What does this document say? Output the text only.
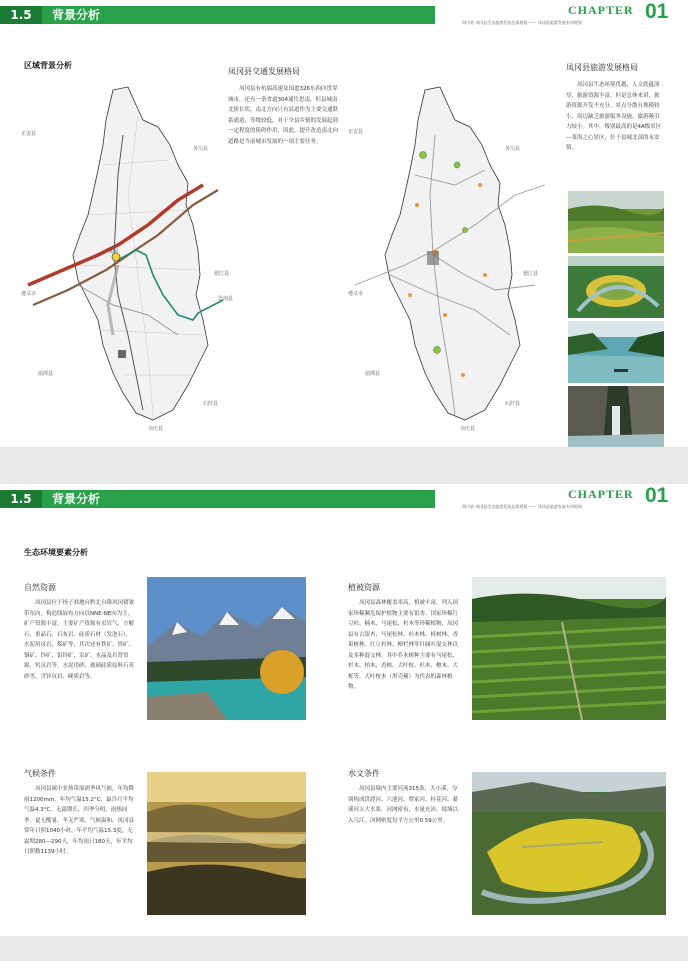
1.5	背景分析	CHAPTER 01
四川省 凤冈县生态旅游发展总体规划 —— 凤冈县旅游发展专项规划
区域背景分析
正安县
务川县
遵义市
德江县
思南县
湄潭县
石阡县
凤冈
余庆县
凤冈县交通发展格局

凤冈县有杭瑞高速及国道326东西向贯穿城市，还有一条省道304通往思南，但县城南北狭长状，南北方向只有县道作为主要交通联系通道，等级较低，对于全县乡镇的发展起到一定程度的阻碍作用，因此，提升改造南北向道路是当前城市发展的一项主要任务。

正安县
务川县
遵义市
德江县
湄潭县
石阡县
余庆县
凤冈县旅游发展格局

凤冈县生态环境优越，人文底蕴深厚，旅游资源丰富，但是总体来讲，旅游资源开发不充分，景点分散且规模较小，周边缺乏旅游服务设施，旅游吸引力较小。其中，级别最高的是4A级景区—茶海之心景区，位于县城北部的永安镇。

1.5	背景分析	CHAPTER 01
四川省 凤冈县生态旅游发展总体规划 —— 凤冈县旅游发展专项规划
生态环境要素分析
自然资源

凤冈县位于扬子准地台黔北台隆凤冈褶皱带东向，构造线展布方向以NNE-NE向为主。矿产资源丰富，主要矿产资源有页岩气、方解石、重晶石、石灰岩、硅质石材（发泡石），水泥用页岩、煤矿等，其次还有铁矿、铁矿、铜矿、锌矿、铝锌矿、汞矿。水晶及岩背资源，钙页岩等，水泥用砂、玻璃硅质原料石英砂等，含锌页岩、硬质岩等。

植被资源

凤冈县森林覆盖率高，植被丰富，列入国家珍稀濒危保护植物主要有银杏、国家珍稀红豆杉、楠木、马尾松、杉木等珍稀植物，凤冈县有古银杏、马尾松林、杉木林、栎树林、香果树林、红豆杉林、檀栏林等针阔叶混交林以及多种混交林。其中乔木树种主要有马尾松、杉木、柏木、香樟、大叶桉、杉木、檫木、大栎等，大叶桉木（黑壳楠）为代表的森林植物。

气候条件

凤冈县属中亚热带湿润季风气候，年均降雨1200mm，年均气温15.2°C，最冷月平均气温4.3°C，无霜期长，四季分明，雨热同季。夏无酷暑，冬无严寒，气候温和，凤冈县常年日照1040小时，年平均气温15.3度，无霜期280—290天，年均雨日180天，年平均日照数1139小时。

水文条件

凤冈县境内主要河流315条，大小溪，分别构成洪渡河、六池河、覃家河、桂花河、綦溪河五大水系，河网密布，水量充沛，境域以入乌江，河网密度每平方公里0.59公里。
